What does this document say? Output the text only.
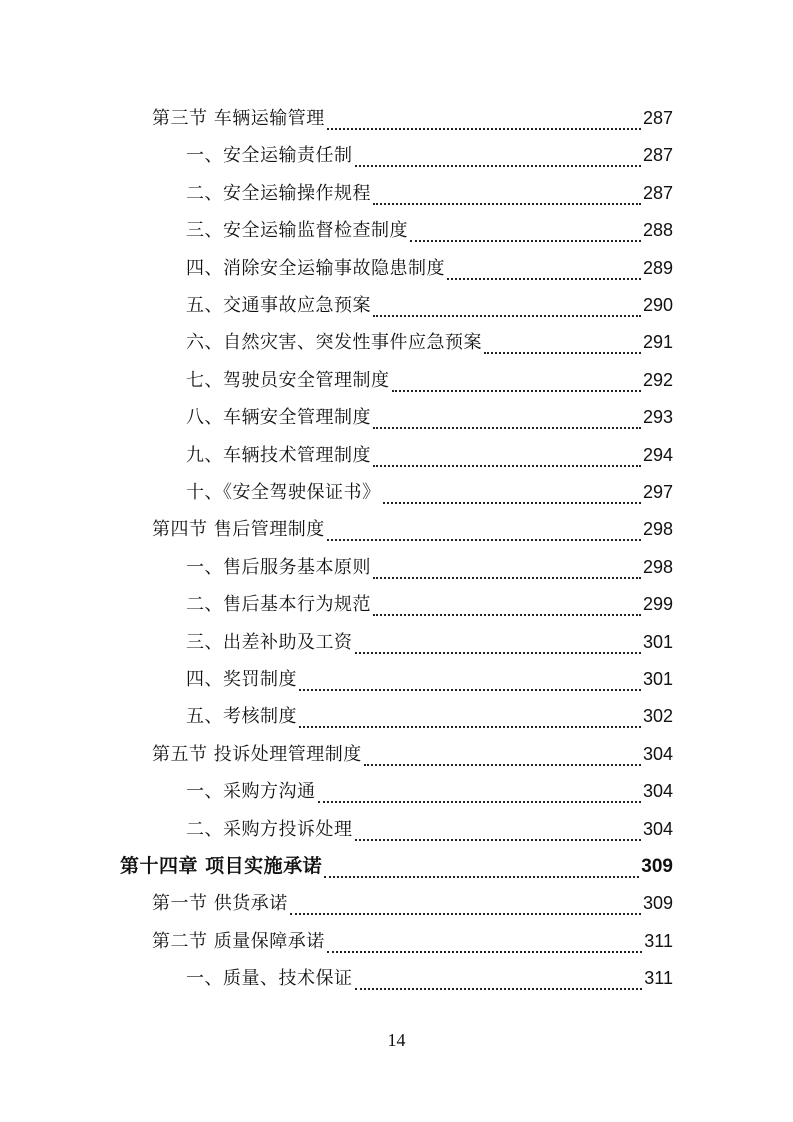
第三节 车辆运输管理	287
一、安全运输责任制	287
二、安全运输操作规程	287
三、安全运输监督检查制度	288
四、消除安全运输事故隐患制度	289
五、交通事故应急预案	290
六、自然灾害、突发性事件应急预案	291
七、驾驶员安全管理制度	292
八、车辆安全管理制度	293
九、车辆技术管理制度	294
十、《安全驾驶保证书》	297
第四节 售后管理制度	298
一、售后服务基本原则	298
二、售后基本行为规范	299
三、出差补助及工资	301
四、奖罚制度	301
五、考核制度	302
第五节 投诉处理管理制度	304
一、采购方沟通	304
二、采购方投诉处理	304
第十四章 项目实施承诺	309
第一节 供货承诺	309
第二节 质量保障承诺	311
一、质量、技术保证	311
14
